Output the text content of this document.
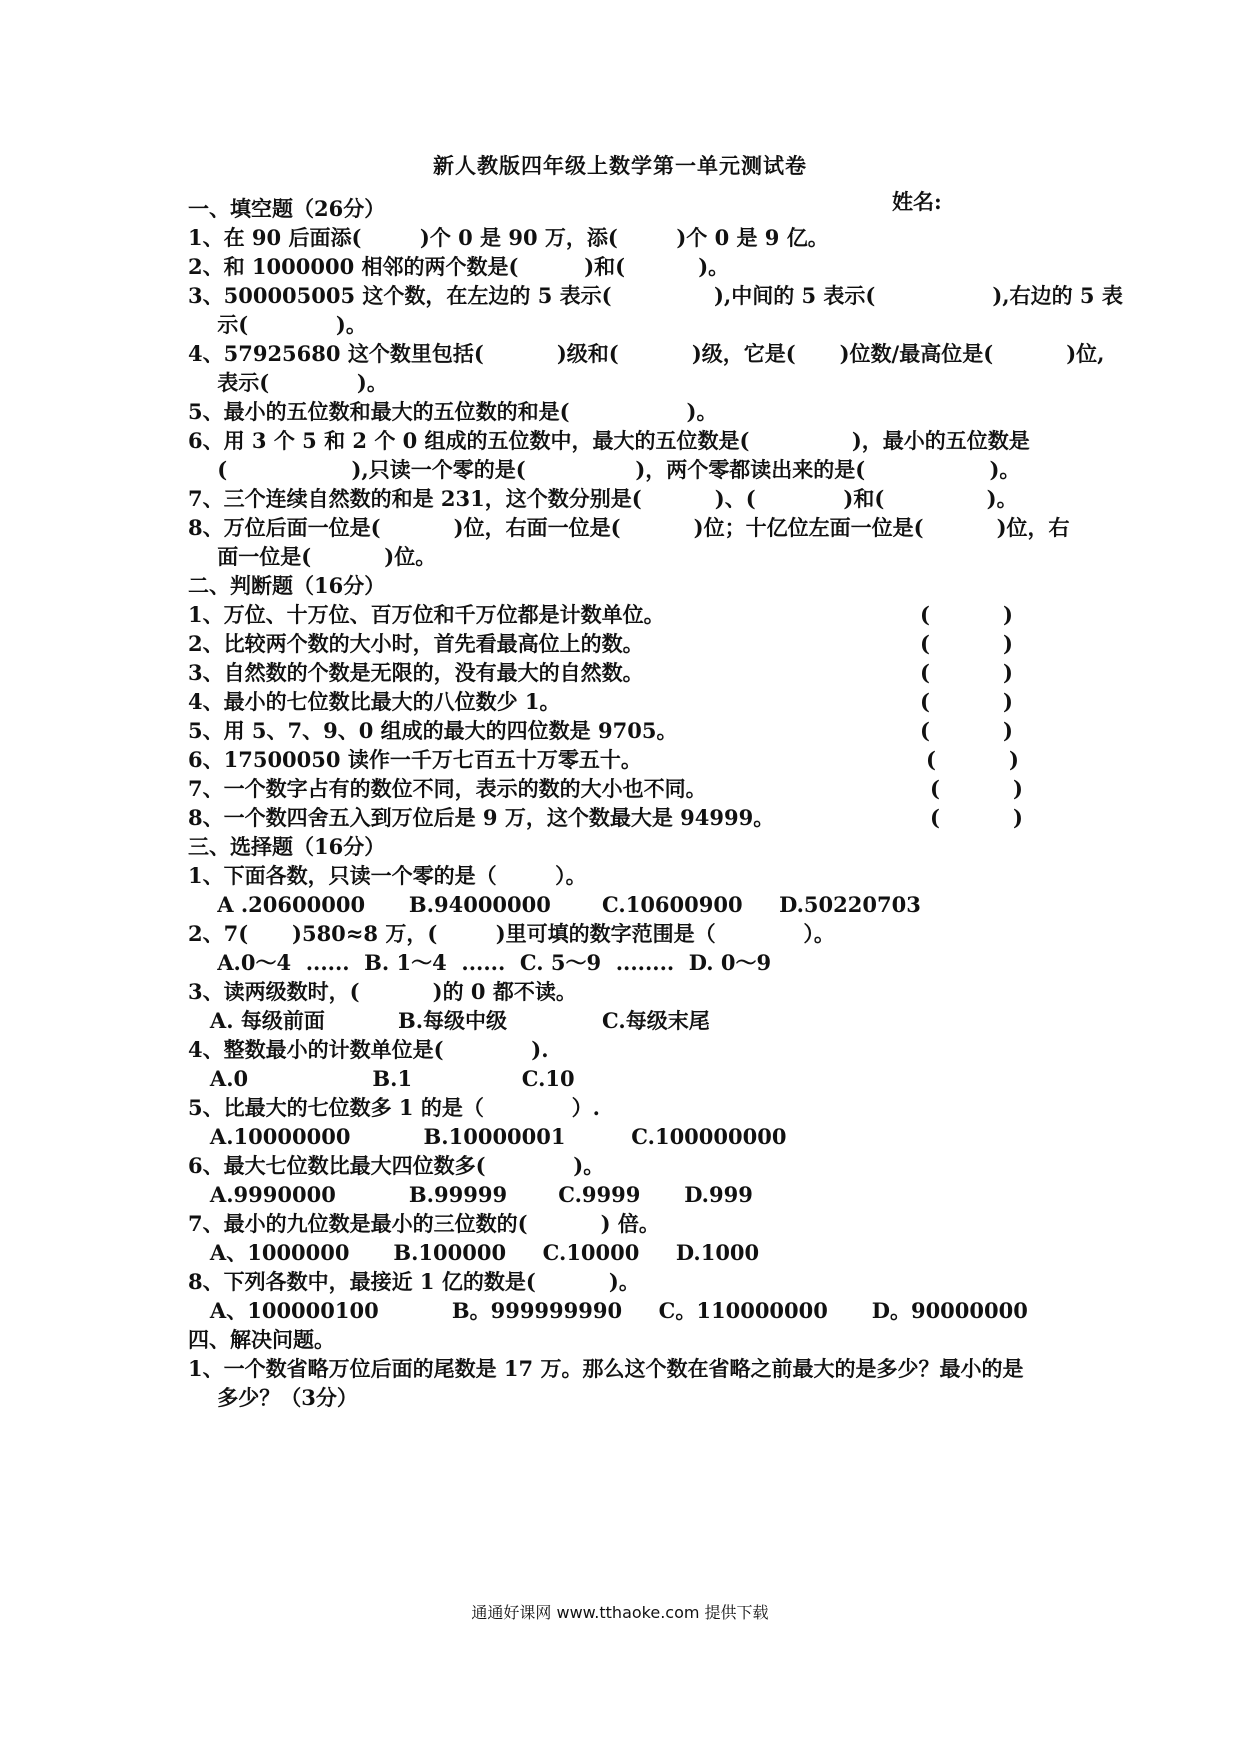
新人教版四年级上数学第一单元测试卷
姓名:
一、填空题（26分）
1、在 90 后面添(        )个 0 是 90 万，添(        )个 0 是 9 亿。
2、和 1000000 相邻的两个数是(         )和(          )。
3、500005005 这个数，在左边的 5 表示(              ),中间的 5 表示(                ),右边的 5 表
示(            )。
4、57925680 这个数里包括(          )级和(          )级，它是(      )位数/最高位是(          )位,
表示(            )。
5、最小的五位数和最大的五位数的和是(                )。
6、用 3 个 5 和 2 个 0 组成的五位数中，最大的五位数是(              )，最小的五位数是
(                 ),只读一个零的是(               )，两个零都读出来的是(                 )。
7、三个连续自然数的和是 231，这个数分别是(          )、(            )和(              )。
8、万位后面一位是(          )位，右面一位是(          )位；十亿位左面一位是(          )位，右
面一位是(          )位。
二、判断题（16分）
1、万位、十万位、百万位和千万位都是计数单位。
2、比较两个数的大小时，首先看最高位上的数。
3、自然数的个数是无限的，没有最大的自然数。
4、最小的七位数比最大的八位数少 1。
5、用 5、7、9、0 组成的最大的四位数是 9705。
6、17500050 读作一千万七百五十万零五十。
7、一个数字占有的数位不同，表示的数的大小也不同。
8、一个数四舍五入到万位后是 9 万，这个数最大是 94999。
(          )
(          )
(          )
(          )
(          )
(          )
(          )
(          )
三、选择题（16分）
1、下面各数，只读一个零的是（        ）。
A .20600000      B.94000000       C.10600900     D.50220703
2、7(      )580≈8 万，(        )里可填的数字范围是（            ）。
A.0～4  ......  B. 1～4  ......  C. 5～9  ........  D. 0～9
A. 每级前面          B.每级中级             C.每级末尾
3、读两级数时，(          )的 0 都不读。
4、整数最小的计数单位是(            ).
A.0                 B.1               C.10
5、比最大的七位数多 1 的是（            ）.
A.10000000          B.10000001         C.100000000
6、最大七位数比最大四位数多(            )。
A.9990000          B.99999       C.9999      D.999
7、最小的九位数是最小的三位数的(          ) 倍。
A、1000000      B.100000     C.10000     D.1000
8、下列各数中，最接近 1 亿的数是(          )。
A、100000100          B。999999990     C。110000000      D。90000000
四、解决问题。
1、一个数省略万位后面的尾数是 17 万。那么这个数在省略之前最大的是多少？最小的是
多少？（3分）
通通好课网 www.tthaoke.com 提供下载
